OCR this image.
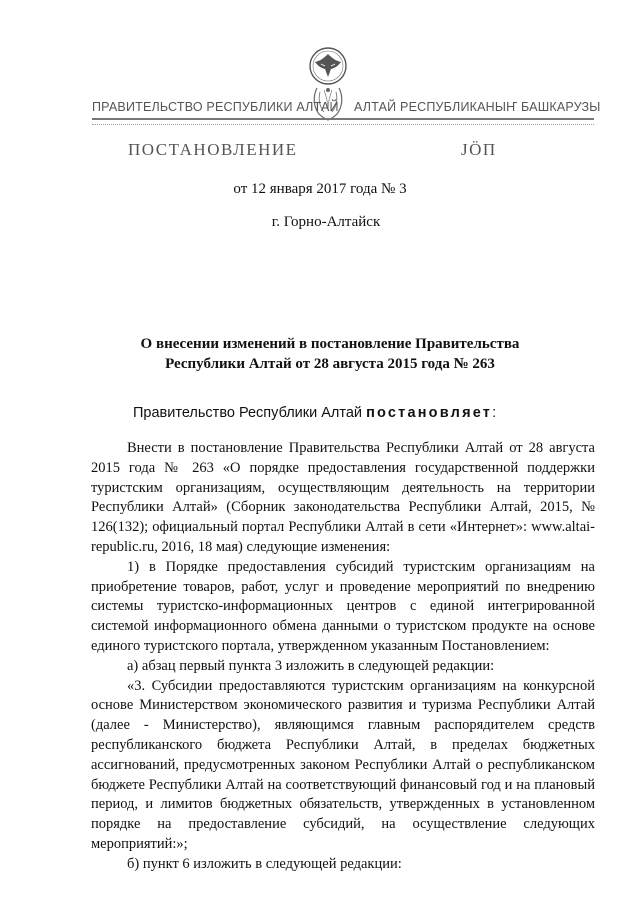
ПРАВИТЕЛЬСТВО РЕСПУБЛИКИ АЛТАЙ АЛТАЙ РЕСПУБЛИКАНЫҤ БАШКАРУЗЫ
ПОСТАНОВЛЕНИЕ	JӦП
от 12 января 2017 года № 3
г. Горно-Алтайск
О внесении изменений в постановление Правительства Республики Алтай от 28 августа 2015 года № 263
Правительство Республики Алтай постановляет:

Внести в постановление Правительства Республики Алтай от 28 августа 2015 года № 263 «О порядке предоставления государственной поддержки туристским организациям, осуществляющим деятельность на территории Республики Алтай» (Сборник законодательства Республики Алтай, 2015, № 126(132); официальный портал Республики Алтай в сети «Интернет»: www.altai-republic.ru, 2016, 18 мая) следующие изменения:

1) в Порядке предоставления субсидий туристским организациям на приобретение товаров, работ, услуг и проведение мероприятий по внедрению системы туристско-информационных центров с единой интегрированной системой информационного обмена данными о туристском продукте на основе единого туристского портала, утвержденном указанным Постановлением:

а) абзац первый пункта 3 изложить в следующей редакции:

«3. Субсидии предоставляются туристским организациям на конкурсной основе Министерством экономического развития и туризма Республики Алтай (далее - Министерство), являющимся главным распорядителем средств республиканского бюджета Республики Алтай, в пределах бюджетных ассигнований, предусмотренных законом Республики Алтай о республиканском бюджете Республики Алтай на соответствующий финансовый год и на плановый период, и лимитов бюджетных обязательств, утвержденных в установленном порядке на предоставление субсидий, на осуществление следующих мероприятий:»;

б) пункт 6 изложить в следующей редакции:
